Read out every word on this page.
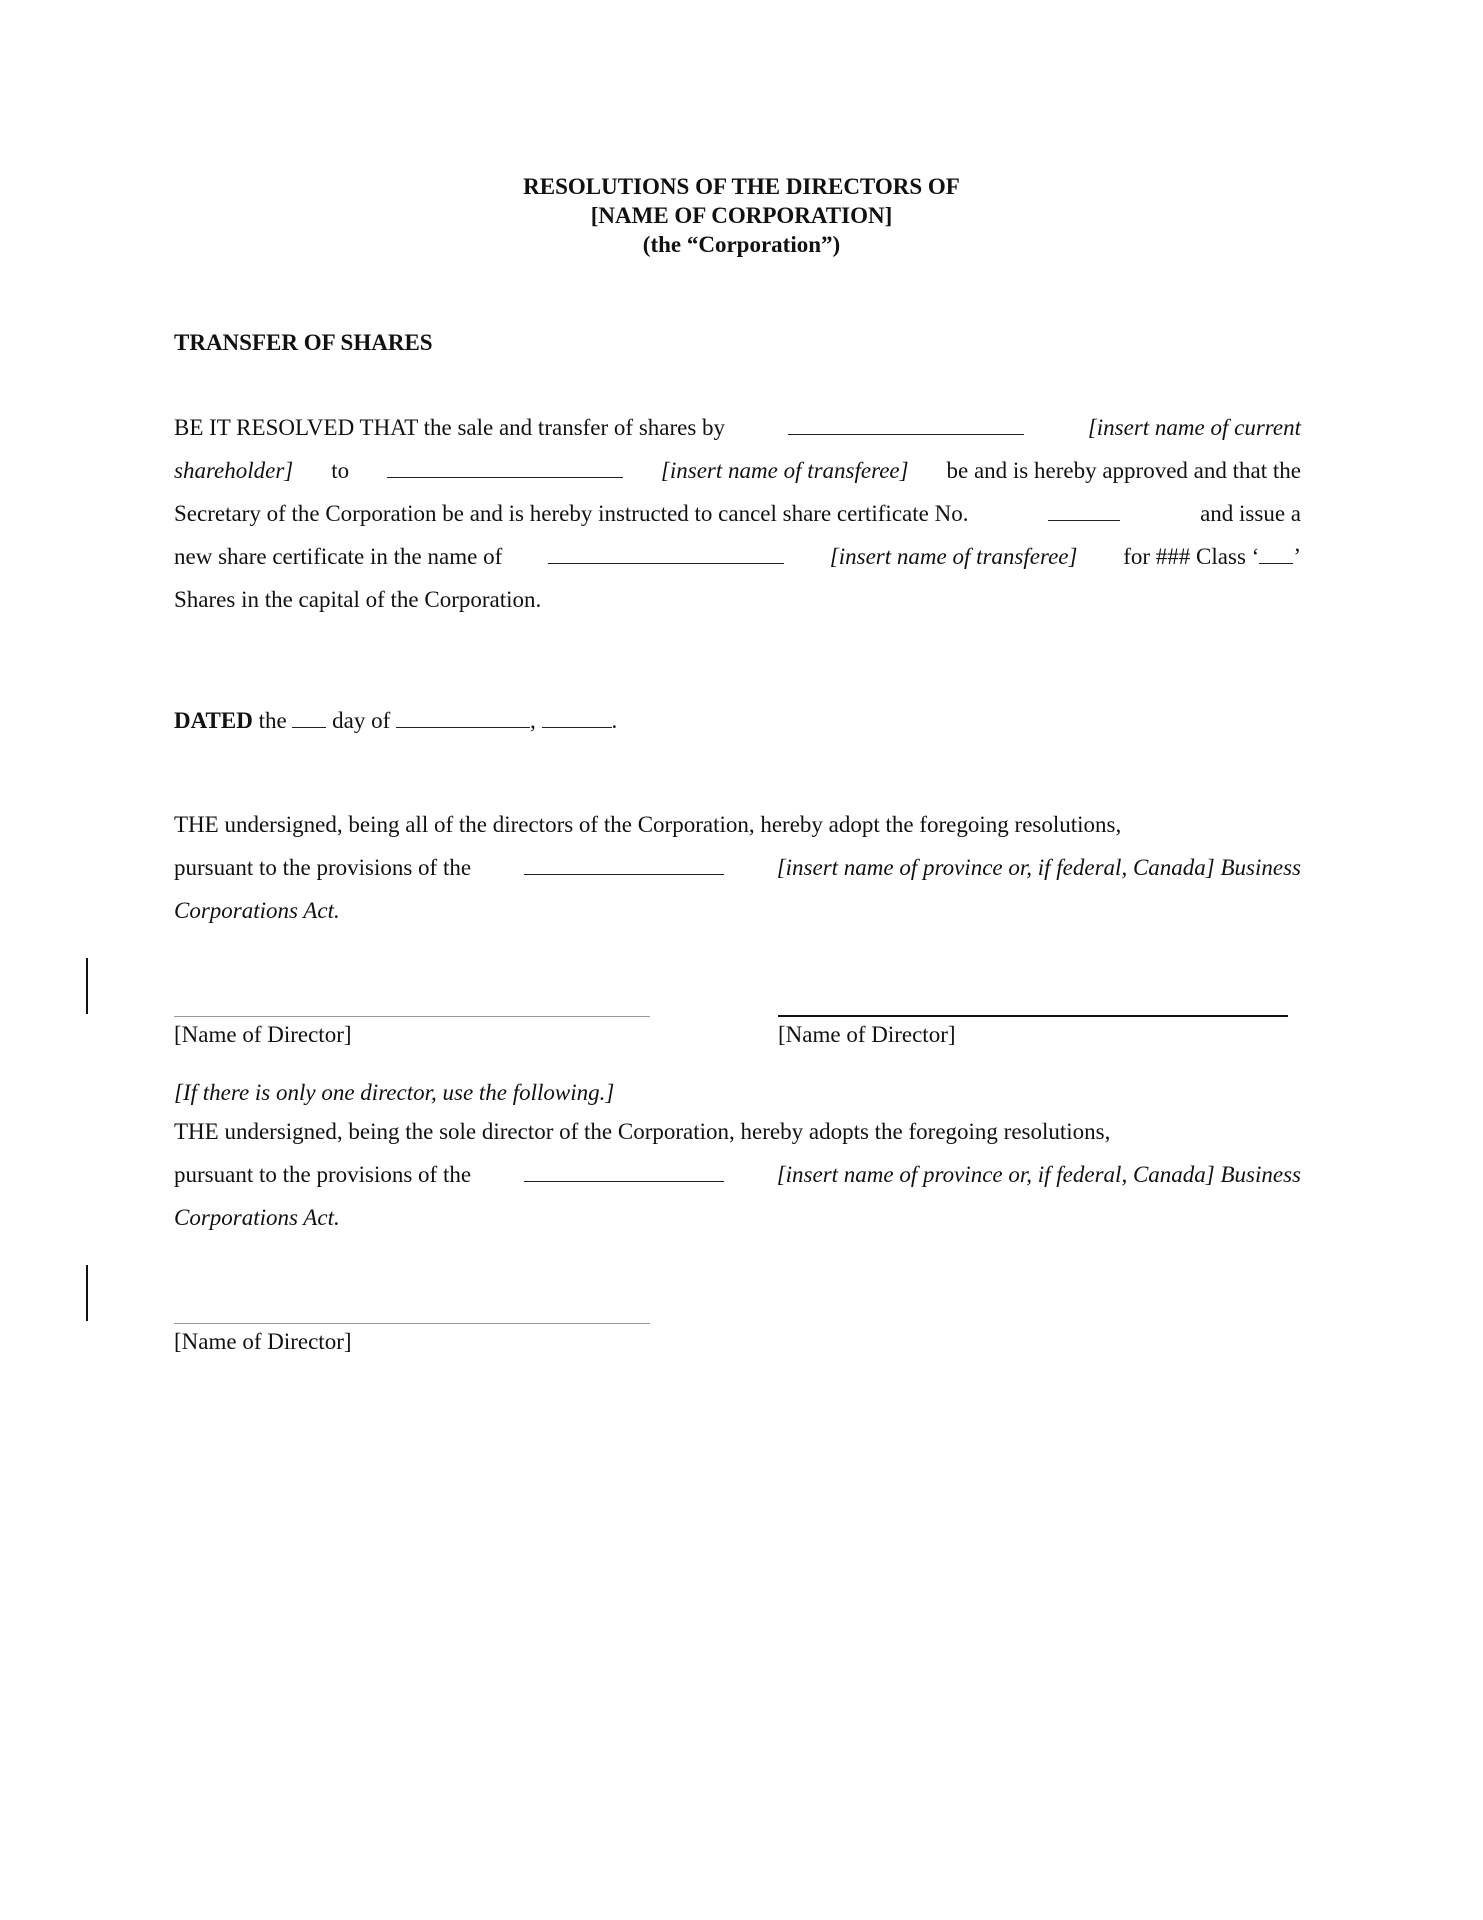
RESOLUTIONS OF THE DIRECTORS OF
[NAME OF CORPORATION]
(the “Corporation”)
TRANSFER OF SHARES
BE IT RESOLVED THAT the sale and transfer of shares by	[insert name of current
shareholder] to	[insert name of transferee] be and is hereby approved and that the
Secretary of the Corporation be and is hereby instructed to cancel share certificate No.	and issue a
new share certificate in the name of	[insert name of transferee] for ### Class ‘ ’
Shares in the capital of the Corporation.
DATED the  day of	,	.
THE undersigned, being all of the directors of the Corporation, hereby adopt the foregoing resolutions,
pursuant to the provisions of the	[insert name of province or, if federal, Canada] Business
Corporations Act.
[Name of Director]	[Name of Director]
[If there is only one director, use the following.]
THE undersigned, being the sole director of the Corporation, hereby adopts the foregoing resolutions,
pursuant to the provisions of the	[insert name of province or, if federal, Canada] Business
Corporations Act.
[Name of Director]
